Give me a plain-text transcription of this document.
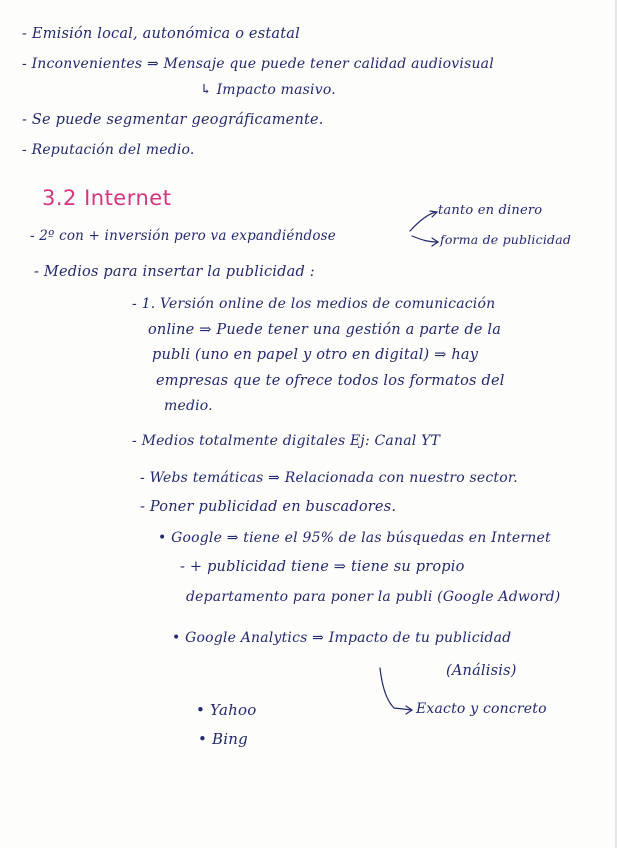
- Emisión local, autonómica o estatal
- Inconvenientes ⇒ Mensaje que puede tener calidad audiovisual
↳ Impacto masivo.
- Se puede segmentar geográficamente.
- Reputación del medio.
3.2 Internet
- 2º con + inversión pero va expandiéndose
tanto en dinero
forma de publicidad
- Medios para insertar la publicidad :
- 1. Versión online de los medios de comunicación
online ⇒ Puede tener una gestión a parte de la
publi (uno en papel y otro en digital) ⇒ hay
empresas que te ofrece todos los formatos del
medio.
- Medios totalmente digitales Ej: Canal YT
- Webs temáticas ⇒ Relacionada con nuestro sector.
- Poner publicidad en buscadores.
• Google ⇒ tiene el 95% de las búsquedas en Internet
- + publicidad tiene ⇒ tiene su propio
departamento para poner la publi (Google Adword)
• Google Analytics ⇒ Impacto de tu publicidad
(Análisis)
Exacto y concreto
• Yahoo
• Bing
